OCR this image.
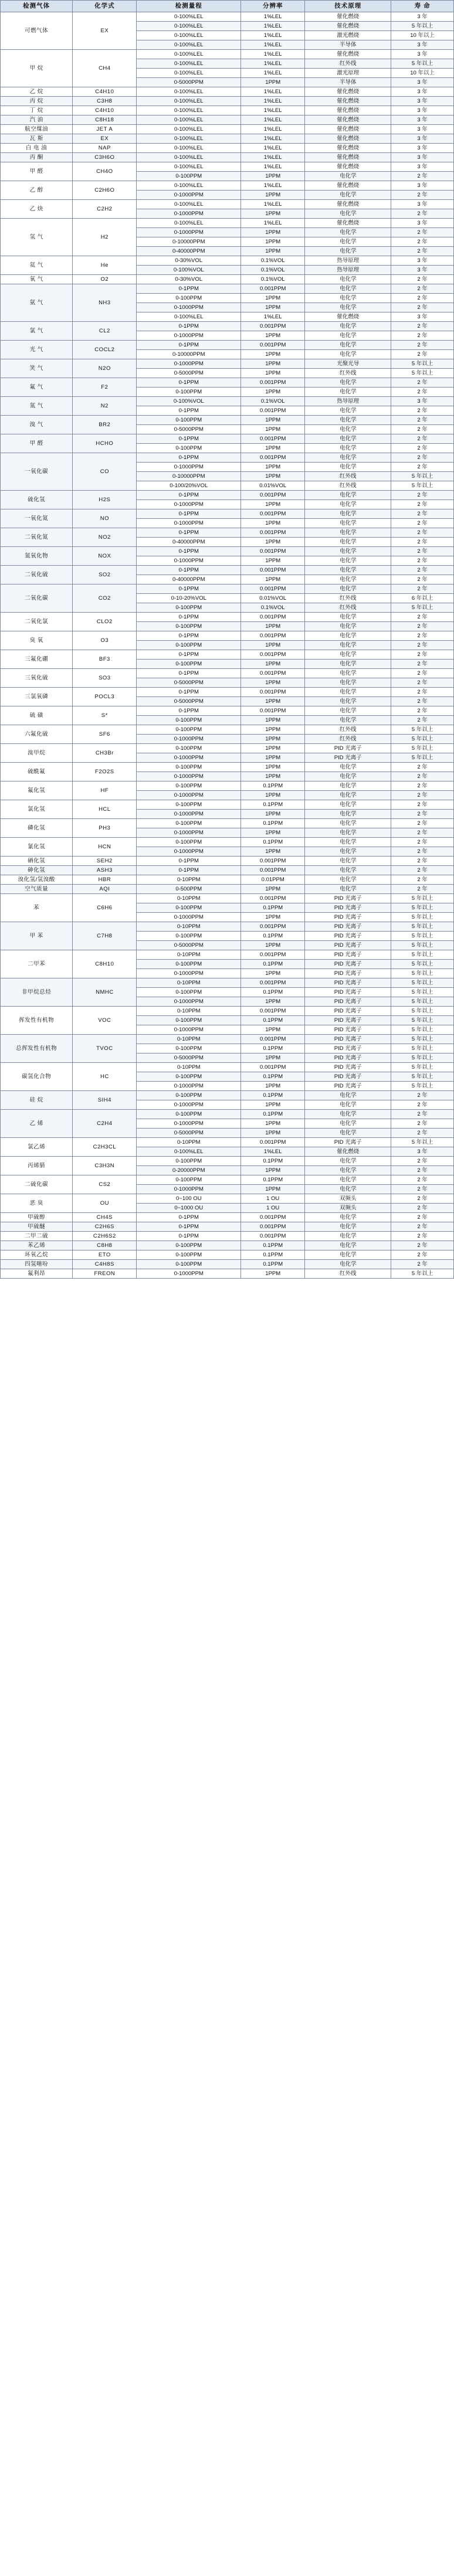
检测气体	化学式	检测量程	分辨率	技术原理	寿 命
可燃气体	EX	0-100%LEL	1%LEL	催化燃烧	3 年
		0-100%LEL	1%LEL	催化燃烧	5 年以上
		0-100%LEL	1%LEL	激光燃烧	10 年以上
		0-100%LEL	1%LEL	半导体	3 年
甲 烷	CH4	0-100%LEL	1%LEL	催化燃烧	3 年
		0-100%LEL	1%LEL	红外线	5 年以上
		0-100%LEL	1%LEL	激光原理	10 年以上
		0-5000PPM	1PPM	半导体	3 年
乙 烷	C4H10	0-100%LEL	1%LEL	催化燃烧	3 年
丙 烷	C3H8	0-100%LEL	1%LEL	催化燃烧	3 年
丁 烷	C4H10	0-100%LEL	1%LEL	催化燃烧	3 年
汽 油	C8H18	0-100%LEL	1%LEL	催化燃烧	3 年
航空煤油	JET A	0-100%LEL	1%LEL	催化燃烧	3 年
瓦 斯	EX	0-100%LEL	1%LEL	催化燃烧	3 年
白 电 油	NAP	0-100%LEL	1%LEL	催化燃烧	3 年
丙 酮	C3H6O	0-100%LEL	1%LEL	催化燃烧	3 年
甲 醛	CH4O	0-100%LEL	1%LEL	催化燃烧	3 年
		0-100PPM	1PPM	电化学	2 年
乙 醇	C2H6O	0-100%LEL	1%LEL	催化燃烧	3 年
		0-1000PPM	1PPM	电化学	2 年
乙 炔	C2H2	0-100%LEL	1%LEL	催化燃烧	3 年
		0-1000PPM	1PPM	电化学	2 年
氢 气	H2	0-100%LEL	1%LEL	催化燃烧	3 年
		0-1000PPM	1PPM	电化学	2 年
		0-10000PPM	1PPM	电化学	2 年
		0-40000PPM	1PPM	电化学	2 年
氦 气	He	0-30%VOL	0.1%VOL	热导原理	3 年
		0-100%VOL	0.1%VOL	热导原理	3 年
氧 气	O2	0-30%VOL	0.1%VOL	电化学	2 年
氨 气	NH3	0-1PPM	0.001PPM	电化学	2 年
		0-100PPM	1PPM	电化学	2 年
		0-1000PPM	1PPM	电化学	2 年
		0-100%LEL	1%LEL	催化燃烧	3 年
氯 气	CL2	0-1PPM	0.001PPM	电化学	2 年
		0-1000PPM	1PPM	电化学	2 年
光 气	COCL2	0-1PPM	0.001PPM	电化学	2 年
		0-10000PPM	1PPM	电化学	2 年
笑 气	N2O	0-1000PPM	1PPM	光聚光导	5 年以上
		0-5000PPM	1PPM	红外线	5 年以上
氟 气	F2	0-1PPM	0.001PPM	电化学	2 年
		0-100PPM	1PPM	电化学	2 年
氮 气	N2	0-100%VOL	0.1%VOL	热导原理	3 年
		0-1PPM	0.001PPM	电化学	2 年
溴 气	BR2	0-100PPM	1PPM	电化学	2 年
		0-5000PPM	1PPM	电化学	2 年
甲 醛	HCHO	0-1PPM	0.001PPM	电化学	2 年
		0-100PPM	1PPM	电化学	2 年
一氧化碳	CO	0-1PPM	0.001PPM	电化学	2 年
		0-1000PPM	1PPM	电化学	2 年
		0-10000PPM	1PPM	红外线	5 年以上
		0-100/20%VOL	0.01%VOL	红外线	5 年以上
硫化氢	H2S	0-1PPM	0.001PPM	电化学	2 年
		0-1000PPM	1PPM	电化学	2 年
一氧化氮	NO	0-1PPM	0.001PPM	电化学	2 年
		0-1000PPM	1PPM	电化学	2 年
二氧化氮	NO2	0-1PPM	0.001PPM	电化学	2 年
		0-40000PPM	1PPM	电化学	2 年
氮氧化物	NOX	0-1PPM	0.001PPM	电化学	2 年
		0-1000PPM	1PPM	电化学	2 年
二氧化硫	SO2	0-1PPM	0.001PPM	电化学	2 年
		0-40000PPM	1PPM	电化学	2 年
二氧化碳	CO2	0-1PPM	0.001PPM	电化学	2 年
		0-10-20%VOL	0.01%VOL	红外线	6 年以上
		0-100PPM	0.1%VOL	红外线	5 年以上
二氧化氯	CLO2	0-1PPM	0.001PPM	电化学	2 年
		0-100PPM	1PPM	电化学	2 年
臭 氧	O3	0-1PPM	0.001PPM	电化学	2 年
		0-100PPM	1PPM	电化学	2 年
三氟化硼	BF3	0-1PPM	0.001PPM	电化学	2 年
		0-100PPM	1PPM	电化学	2 年
三氧化硫	SO3	0-1PPM	0.001PPM	电化学	2 年
		0-5000PPM	1PPM	电化学	2 年
三氯氧磷	POCL3	0-1PPM	0.001PPM	电化学	2 年
		0-5000PPM	1PPM	电化学	2 年
硫 磺	S*	0-1PPM	0.001PPM	电化学	2 年
		0-100PPM	1PPM	电化学	2 年
六氟化硫	SF6	0-100PPM	1PPM	红外线	5 年以上
		0-1000PPM	1PPM	红外线	5 年以上
溴甲烷	CH3Br	0-100PPM	1PPM	PID 光离子	5 年以上
		0-1000PPM	1PPM	PID 光离子	5 年以上
硫酰氟	F2O2S	0-100PPM	1PPM	电化学	2 年
		0-1000PPM	1PPM	电化学	2 年
氟化氢	HF	0-100PPM	0.1PPM	电化学	2 年
		0-1000PPM	1PPM	电化学	2 年
氯化氢	HCL	0-100PPM	0.1PPM	电化学	2 年
		0-1000PPM	1PPM	电化学	2 年
磷化氢	PH3	0-100PPM	0.1PPM	电化学	2 年
		0-1000PPM	1PPM	电化学	2 年
氰化氢	HCN	0-100PPM	0.1PPM	电化学	2 年
		0-1000PPM	1PPM	电化学	2 年
硒化氢	SEH2	0-1PPM	0.001PPM	电化学	2 年
砷化氢	ASH3	0-1PPM	0.001PPM	电化学	2 年
溴化氢/氢溴酸	HBR	0-10PPM	0.01PPM	电化学	2 年
空气质量	AQI	0-500PPM	1PPM	电化学	2 年
苯	C6H6	0-10PPM	0.001PPM	PID 光离子	5 年以上
		0-100PPM	0.1PPM	PID 光离子	5 年以上
		0-1000PPM	1PPM	PID 光离子	5 年以上
甲 苯	C7H8	0-10PPM	0.001PPM	PID 光离子	5 年以上
		0-100PPM	0.1PPM	PID 光离子	5 年以上
		0-5000PPM	1PPM	PID 光离子	5 年以上
二甲苯	C8H10	0-10PPM	0.001PPM	PID 光离子	5 年以上
		0-100PPM	0.1PPM	PID 光离子	5 年以上
		0-1000PPM	1PPM	PID 光离子	5 年以上
非甲烷总烃	NMHC	0-10PPM	0.001PPM	PID 光离子	5 年以上
		0-100PPM	0.1PPM	PID 光离子	5 年以上
		0-1000PPM	1PPM	PID 光离子	5 年以上
挥发性有机物	VOC	0-10PPM	0.001PPM	PID 光离子	5 年以上
		0-100PPM	0.1PPM	PID 光离子	5 年以上
		0-1000PPM	1PPM	PID 光离子	5 年以上
总挥发性有机物	TVOC	0-10PPM	0.001PPM	PID 光离子	5 年以上
		0-100PPM	0.1PPM	PID 光离子	5 年以上
		0-5000PPM	1PPM	PID 光离子	5 年以上
碳氢化合物	HC	0-10PPM	0.001PPM	PID 光离子	5 年以上
		0-100PPM	0.1PPM	PID 光离子	5 年以上
		0-1000PPM	1PPM	PID 光离子	5 年以上
硅 烷	SIH4	0-100PPM	0.1PPM	电化学	2 年
		0-1000PPM	1PPM	电化学	2 年
乙 烯	C2H4	0-100PPM	0.1PPM	电化学	2 年
		0-1000PPM	1PPM	电化学	2 年
		0-5000PPM	1PPM	电化学	2 年
氯乙烯	C2H3CL	0-10PPM	0.001PPM	PID 光离子	5 年以上
		0-100%LEL	1%LEL	催化燃烧	3 年
丙烯腈	C3H3N	0-100PPM	0.1PPM	电化学	2 年
		0-20000PPM	1PPM	电化学	2 年
二硫化碳	CS2	0-100PPM	0.1PPM	电化学	2 年
		0-1000PPM	1PPM	电化学	2 年
恶 臭	OU	0~100 OU	1 OU	双频头	2 年
		0~1000 OU	1 OU	双频头	2 年
甲硫醇	CH4S	0-1PPM	0.001PPM	电化学	2 年
甲硫醚	C2H6S	0-1PPM	0.001PPM	电化学	2 年
二甲二硫	C2H6S2	0-1PPM	0.001PPM	电化学	2 年
苯乙烯	C8H8	0-100PPM	0.1PPM	电化学	2 年
环氧乙烷	ETO	0-100PPM	0.1PPM	电化学	2 年
四氢噻吩	C4H8S	0-100PPM	0.1PPM	电化学	2 年
氟利昂	FREON	0-1000PPM	1PPM	红外线	5 年以上
